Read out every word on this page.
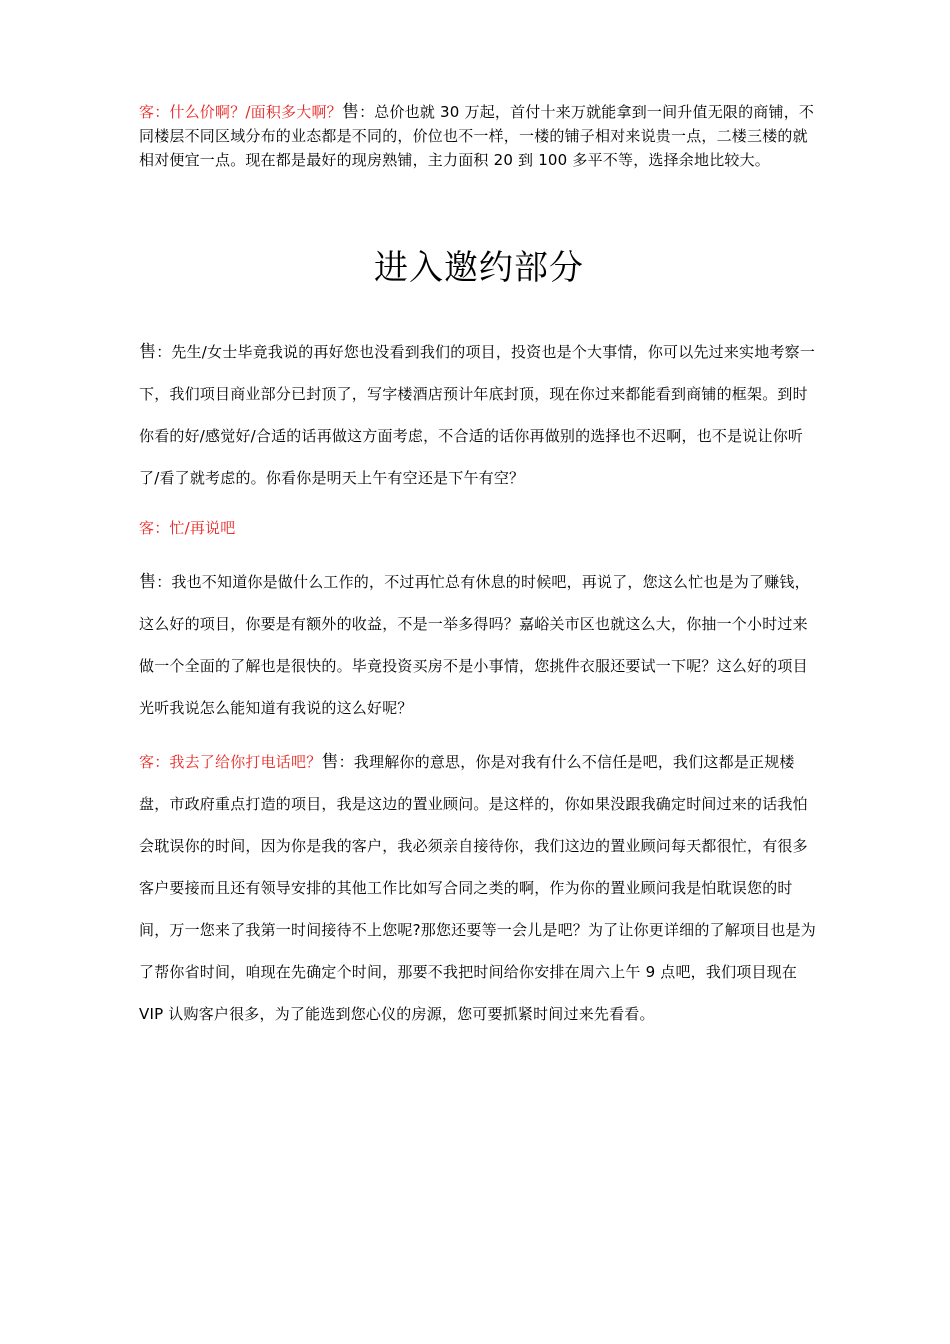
客：什么价啊？/面积多大啊？售：总价也就 30 万起，首付十来万就能拿到一间升值无限的商铺，不同楼层不同区域分布的业态都是不同的，价位也不一样，一楼的铺子相对来说贵一点，二楼三楼的就相对便宜一点。现在都是最好的现房熟铺，主力面积 20 到 100 多平不等，选择余地比较大。

进入邀约部分

售：先生/女士毕竟我说的再好您也没看到我们的项目，投资也是个大事情，你可以先过来实地考察一下，我们项目商业部分已封顶了，写字楼酒店预计年底封顶，现在你过来都能看到商铺的框架。到时你看的好/感觉好/合适的话再做这方面考虑，不合适的话你再做别的选择也不迟啊，也不是说让你听了/看了就考虑的。你看你是明天上午有空还是下午有空？

客：忙/再说吧

售：我也不知道你是做什么工作的，不过再忙总有休息的时候吧，再说了，您这么忙也是为了赚钱，这么好的项目，你要是有额外的收益，不是一举多得吗？嘉峪关市区也就这么大，你抽一个小时过来做一个全面的了解也是很快的。毕竟投资买房不是小事情，您挑件衣服还要试一下呢？这么好的项目光听我说怎么能知道有我说的这么好呢？

客：我去了给你打电话吧？售：我理解你的意思，你是对我有什么不信任是吧，我们这都是正规楼盘，市政府重点打造的项目，我是这边的置业顾问。是这样的，你如果没跟我确定时间过来的话我怕会耽误你的时间，因为你是我的客户，我必须亲自接待你，我们这边的置业顾问每天都很忙，有很多客户要接而且还有领导安排的其他工作比如写合同之类的啊，作为你的置业顾问我是怕耽误您的时间，万一您来了我第一时间接待不上您呢?那您还要等一会儿是吧？为了让你更详细的了解项目也是为了帮你省时间，咱现在先确定个时间，那要不我把时间给你安排在周六上午 9 点吧，我们项目现在 VIP 认购客户很多，为了能选到您心仪的房源，您可要抓紧时间过来先看看。
